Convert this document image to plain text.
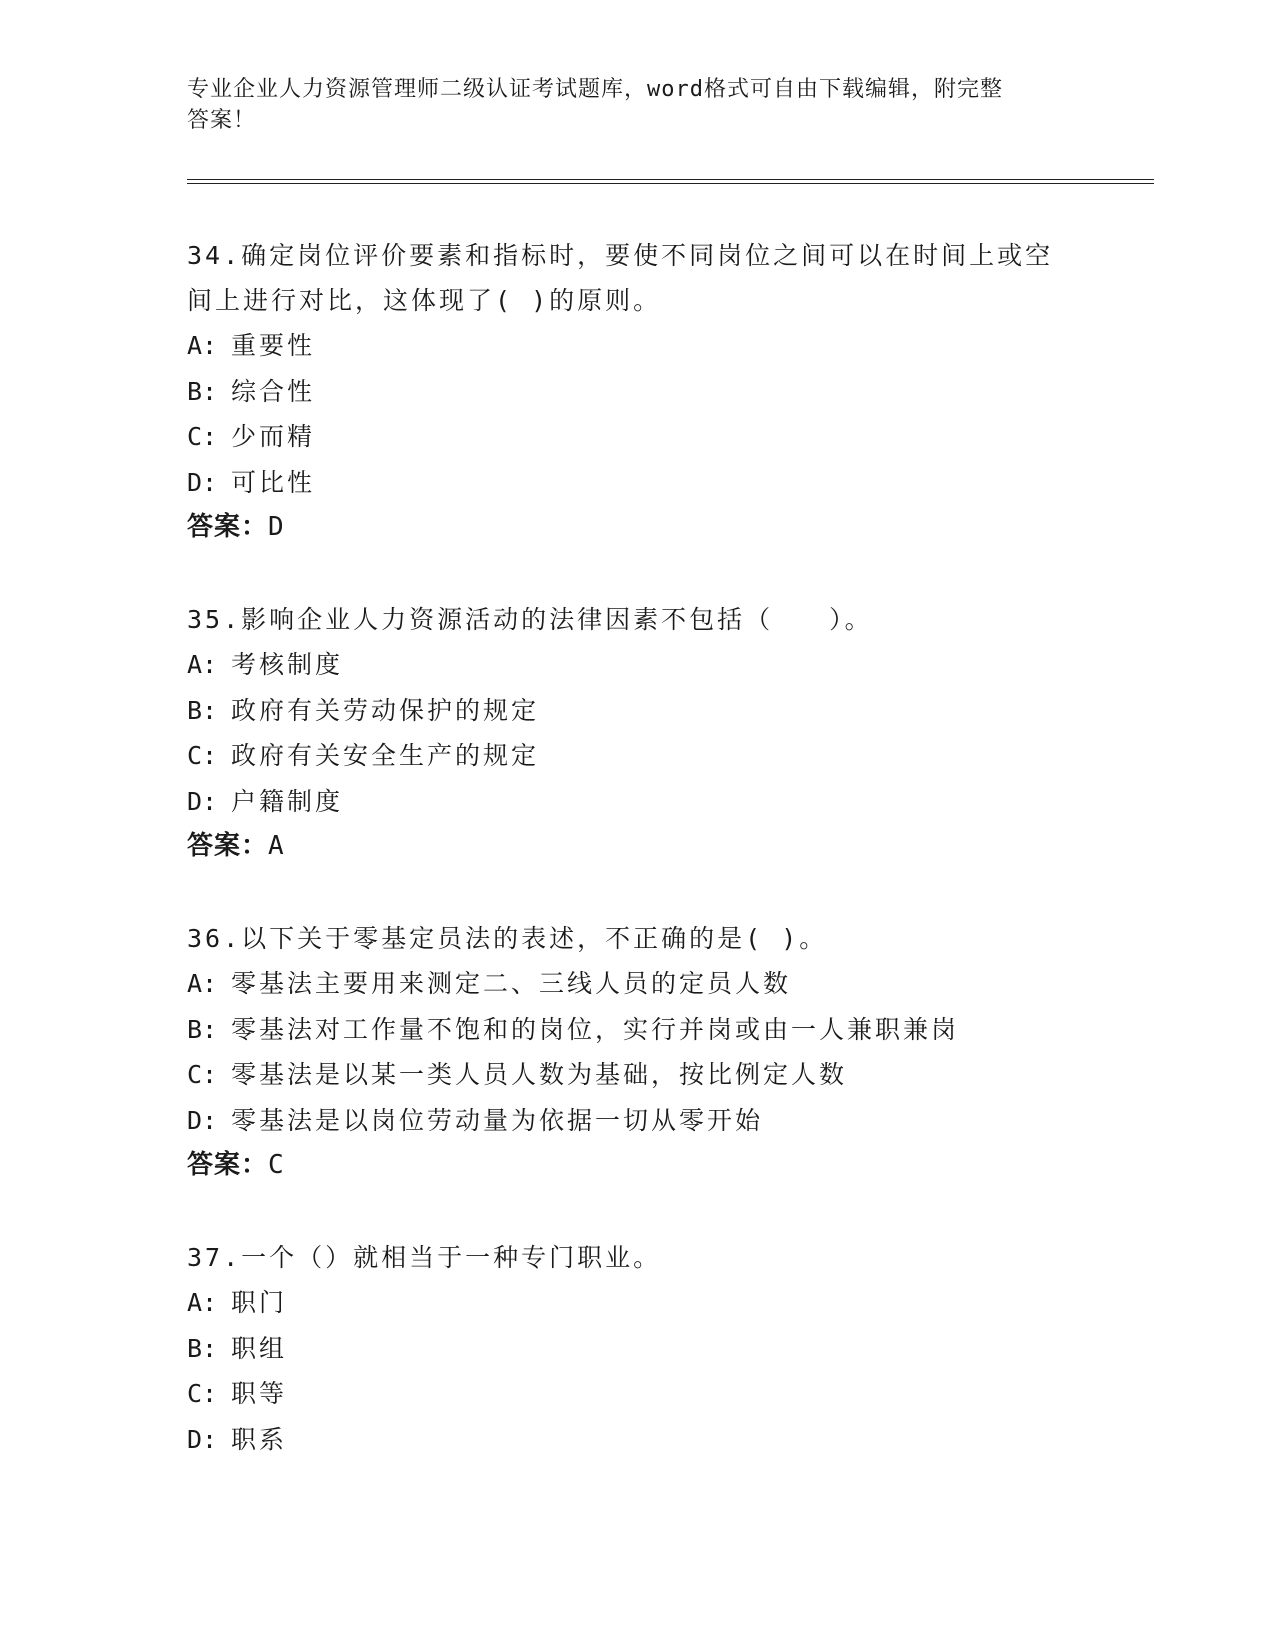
专业企业人力资源管理师二级认证考试题库，word格式可自由下载编辑，附完整
答案！
34.确定岗位评价要素和指标时，要使不同岗位之间可以在时间上或空
间上进行对比，这体现了( )的原则。
A: 重要性
B: 综合性
C: 少而精
D: 可比性
答案：D
35.影响企业人力资源活动的法律因素不包括（　　）。
A: 考核制度
B: 政府有关劳动保护的规定
C: 政府有关安全生产的规定
D: 户籍制度
答案：A
36.以下关于零基定员法的表述，不正确的是( )。
A: 零基法主要用来测定二、三线人员的定员人数
B: 零基法对工作量不饱和的岗位，实行并岗或由一人兼职兼岗
C: 零基法是以某一类人员人数为基础，按比例定人数
D: 零基法是以岗位劳动量为依据一切从零开始
答案：C
37.一个（）就相当于一种专门职业。
A: 职门
B: 职组
C: 职等
D: 职系
